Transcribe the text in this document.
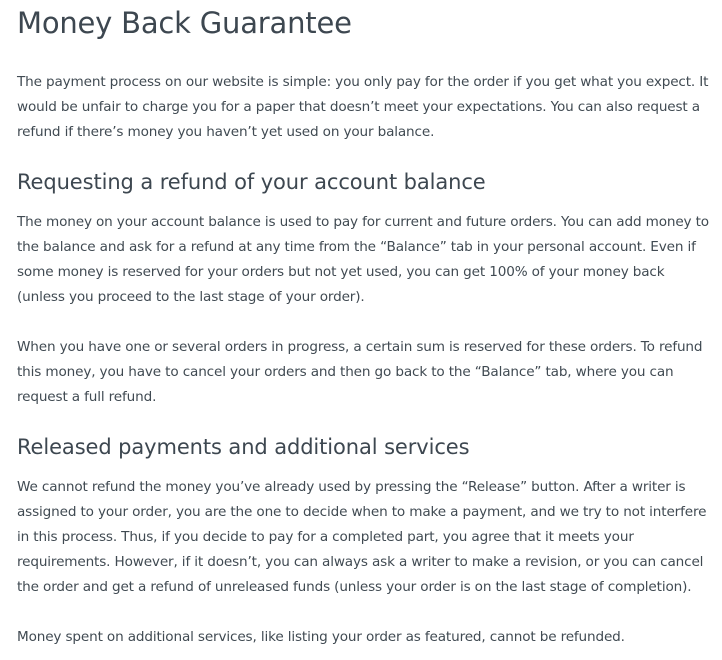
Money Back Guarantee

The payment process on our website is simple: you only pay for the order if you get what you expect. It would be unfair to charge you for a paper that doesn’t meet your expectations. You can also request a refund if there’s money you haven’t yet used on your balance.

Requesting a refund of your account balance

The money on your account balance is used to pay for current and future orders. You can add money to the balance and ask for a refund at any time from the “Balance” tab in your personal account. Even if some money is reserved for your orders but not yet used, you can get 100% of your money back (unless you proceed to the last stage of your order).

When you have one or several orders in progress, a certain sum is reserved for these orders. To refund this money, you have to cancel your orders and then go back to the “Balance” tab, where you can request a full refund.

Released payments and additional services

We cannot refund the money you’ve already used by pressing the “Release” button. After a writer is assigned to your order, you are the one to decide when to make a payment, and we try to not interfere in this process. Thus, if you decide to pay for a completed part, you agree that it meets your requirements. However, if it doesn’t, you can always ask a writer to make a revision, or you can cancel the order and get a refund of unreleased funds (unless your order is on the last stage of completion).

Money spent on additional services, like listing your order as featured, cannot be refunded.
